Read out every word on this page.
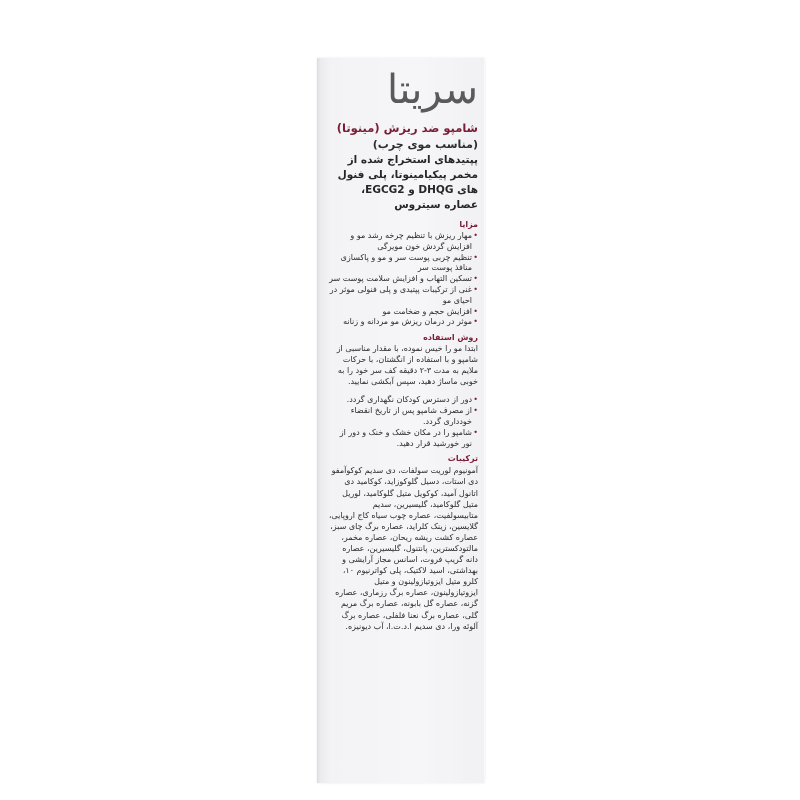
سریتا
شامپو ضد ریزش (مینوتا)
(مناسب موی چرب)
پپتیدهای استخراج شده از مخمر پیکیامینوتا، پلی فنول های DHQG و EGCG2، عصاره سیتروس
مزایا
•
مهار ریزش با تنظیم چرخه رشد مو و افزایش گردش خون مویرگی
•
تنظیم چربی پوست سر و مو و پاکسازی منافذ پوست سر
•
تسکین التهاب و افزایش سلامت پوست سر
•
غنی از ترکیبات پپتیدی و پلی فنولی موثر در احیای مو
•
افزایش حجم و ضخامت مو
•
موثر در درمان ریزش مو مردانه و زنانه
روش استفاده
ابتدا مو را خیس نموده، با مقدار مناسبی از شامپو و با استفاده از انگشتان، با حرکات ملایم به مدت ۳-۲ دقیقه کف سر خود را به خوبی ماساژ دهید، سپس آبکشی نمایید.
•
دور از دسترس کودکان نگهداری گردد.
•
از مصرف شامپو پس از تاریخ انقضاء خودداری گردد.
•
شامپو را در مکان خشک و خنک و دور از نور خورشید قرار دهید.
ترکیبات
آمونیوم لوریت سولفات، دی سدیم کوکوآمفو دی استات، دسیل گلوکوزاید، کوکامید دی اتانول آمید، کوکویل متیل گلوکامید، لوریل متیل گلوکامید، گلیسیرین، سدیم متابیسولفیت، عصاره چوب سیاه کاج اروپایی، گلایسین، زینک کلراید، عصاره برگ چای سبز، عصاره کشت ریشه ریحان، عصاره مخمر، مالتودکسترین، پانتنول، گلیسیرین، عصاره دانه گریپ فروت، اسانس مجاز آرایشی و بهداشتی، اسید لاکتیک، پلی کواترنیوم ۱۰، کلرو متیل ایزوتیازولینون و متیل ایزوتیازولینون، عصاره برگ رزماری، عصاره گزنه، عصاره گل بابونه، عصاره برگ مریم گلی، عصاره برگ نعنا فلفلی، عصاره برگ آلوئه ورا، دی سدیم ا.د.ت.ا، آب دیونیزه.
